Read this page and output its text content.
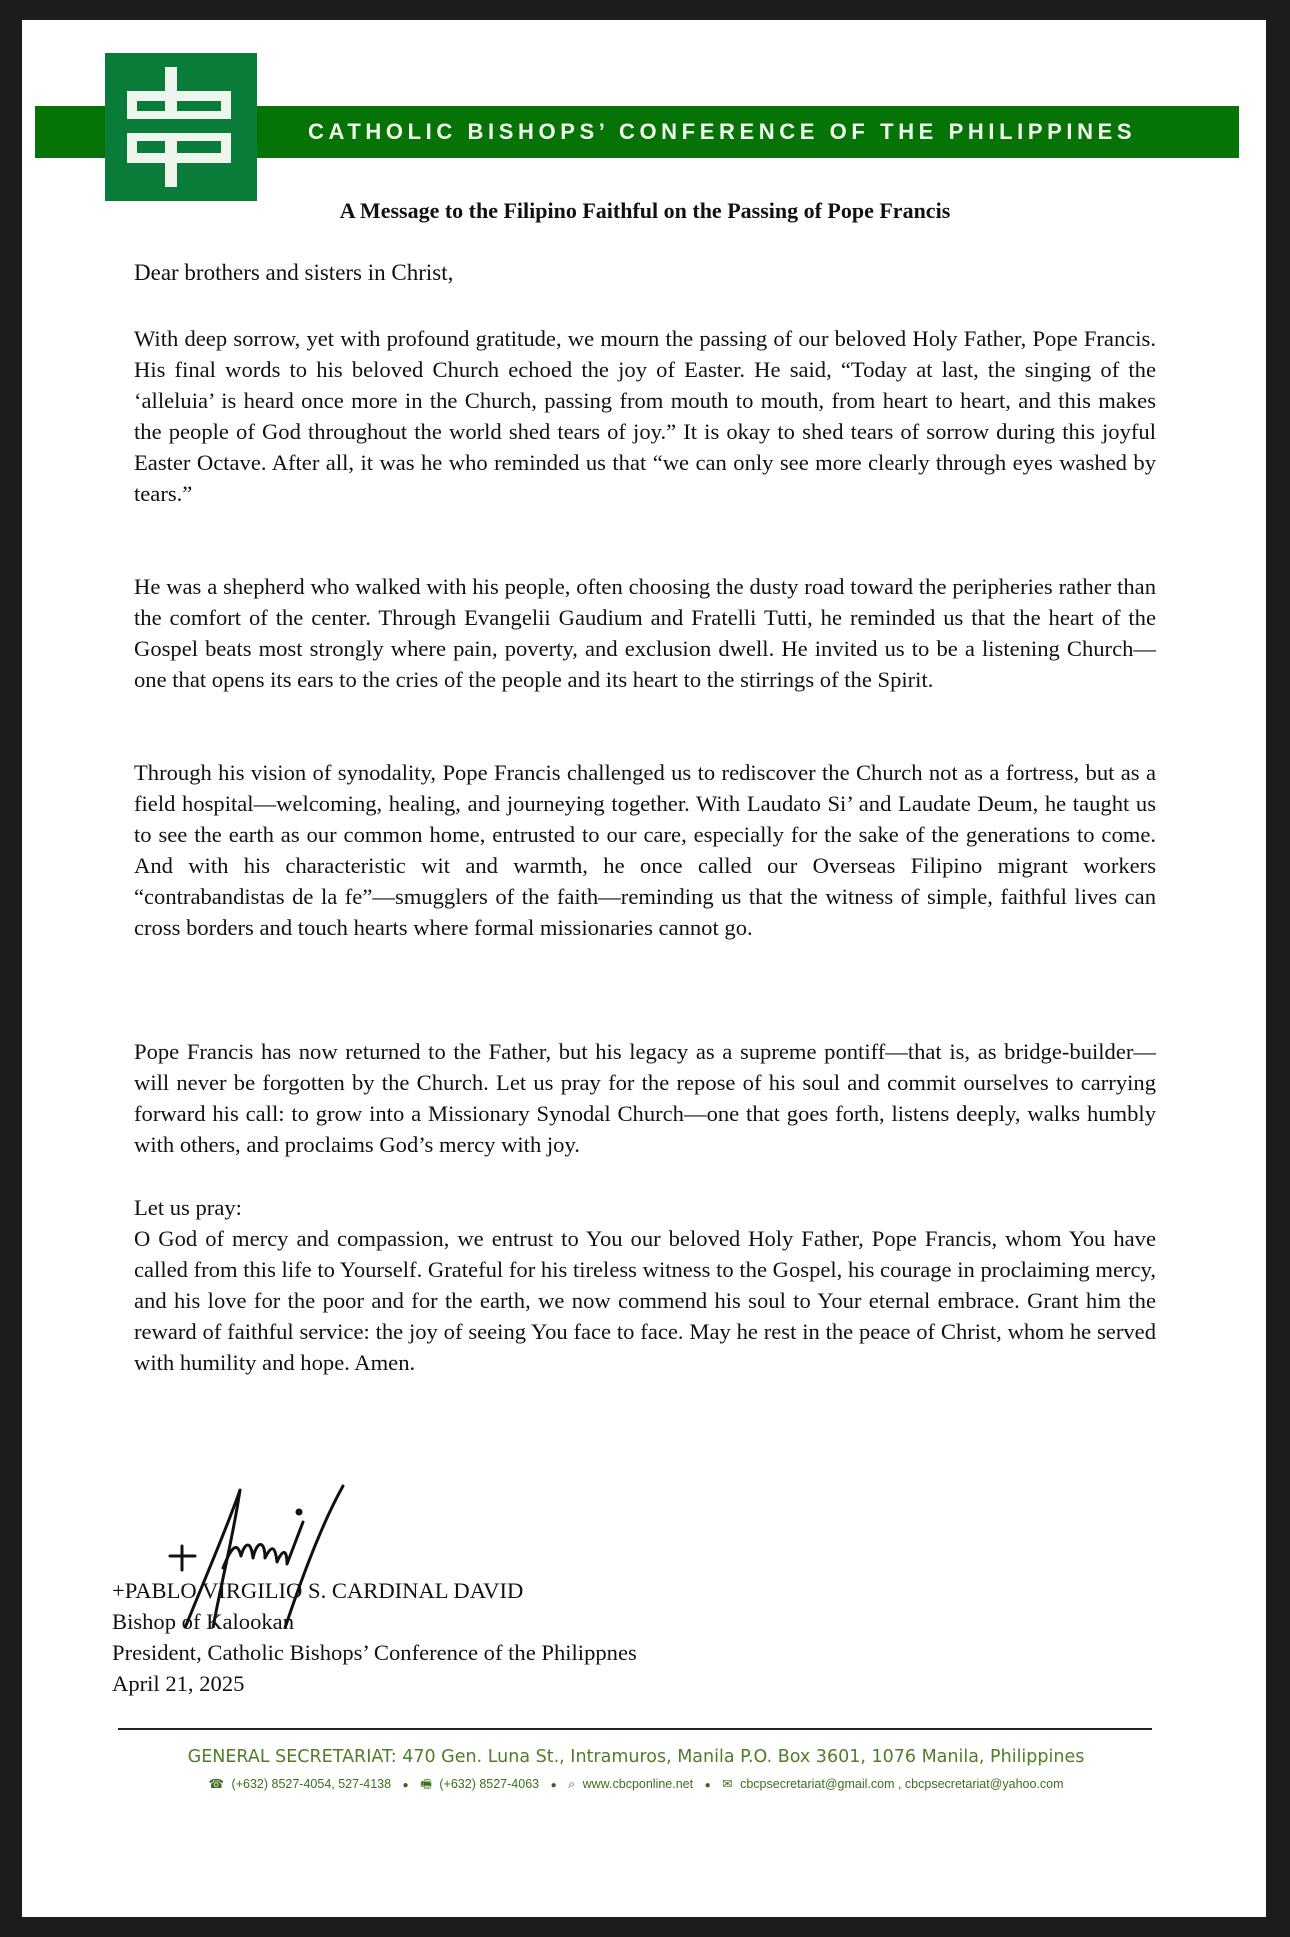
CATHOLIC BISHOPS’ CONFERENCE OF THE PHILIPPINES
A Message to the Filipino Faithful on the Passing of Pope Francis
Dear brothers and sisters in Christ,
With deep sorrow, yet with profound gratitude, we mourn the passing of our beloved Holy Father, Pope Francis. His final words to his beloved Church echoed the joy of Easter. He said, “Today at last, the singing of the ‘alleluia’ is heard once more in the Church, passing from mouth to mouth, from heart to heart, and this makes the people of God throughout the world shed tears of joy.” It is okay to shed tears of sorrow during this joyful Easter Octave. After all, it was he who reminded us that “we can only see more clearly through eyes washed by tears.”
He was a shepherd who walked with his people, often choosing the dusty road toward the peripheries rather than the comfort of the center. Through Evangelii Gaudium and Fratelli Tutti, he reminded us that the heart of the Gospel beats most strongly where pain, poverty, and exclusion dwell. He invited us to be a listening Church—one that opens its ears to the cries of the people and its heart to the stirrings of the Spirit.
Through his vision of synodality, Pope Francis challenged us to rediscover the Church not as a fortress, but as a field hospital—welcoming, healing, and journeying together. With Laudato Si’ and Laudate Deum, he taught us to see the earth as our common home, entrusted to our care, especially for the sake of the generations to come. And with his characteristic wit and warmth, he once called our Overseas Filipino migrant workers “contrabandistas de la fe”—smugglers of the faith—reminding us that the witness of simple, faithful lives can cross borders and touch hearts where formal missionaries cannot go.
Pope Francis has now returned to the Father, but his legacy as a supreme pontiff—that is, as bridge-builder—will never be forgotten by the Church. Let us pray for the repose of his soul and commit ourselves to carrying forward his call: to grow into a Missionary Synodal Church—one that goes forth, listens deeply, walks humbly with others, and proclaims God’s mercy with joy.
Let us pray:
O God of mercy and compassion, we entrust to You our beloved Holy Father, Pope Francis, whom You have called from this life to Yourself. Grateful for his tireless witness to the Gospel, his courage in proclaiming mercy, and his love for the poor and for the earth, we now commend his soul to Your eternal embrace. Grant him the reward of faithful service: the joy of seeing You face to face. May he rest in the peace of Christ, whom he served with humility and hope. Amen.
+PABLO VIRGILIO S. CARDINAL DAVID
Bishop of Kalookan
President, Catholic Bishops’ Conference of the Philippnes
April 21, 2025
GENERAL SECRETARIAT: 470 Gen. Luna St., Intramuros, Manila P.O. Box 3601, 1076 Manila, Philippines
☎ (+632) 8527-4054, 527-4138 ● 🖷 (+632) 8527-4063 ● ⌕ www.cbcponline.net ● ✉ cbcpsecretariat@gmail.com , cbcpsecretariat@yahoo.com
